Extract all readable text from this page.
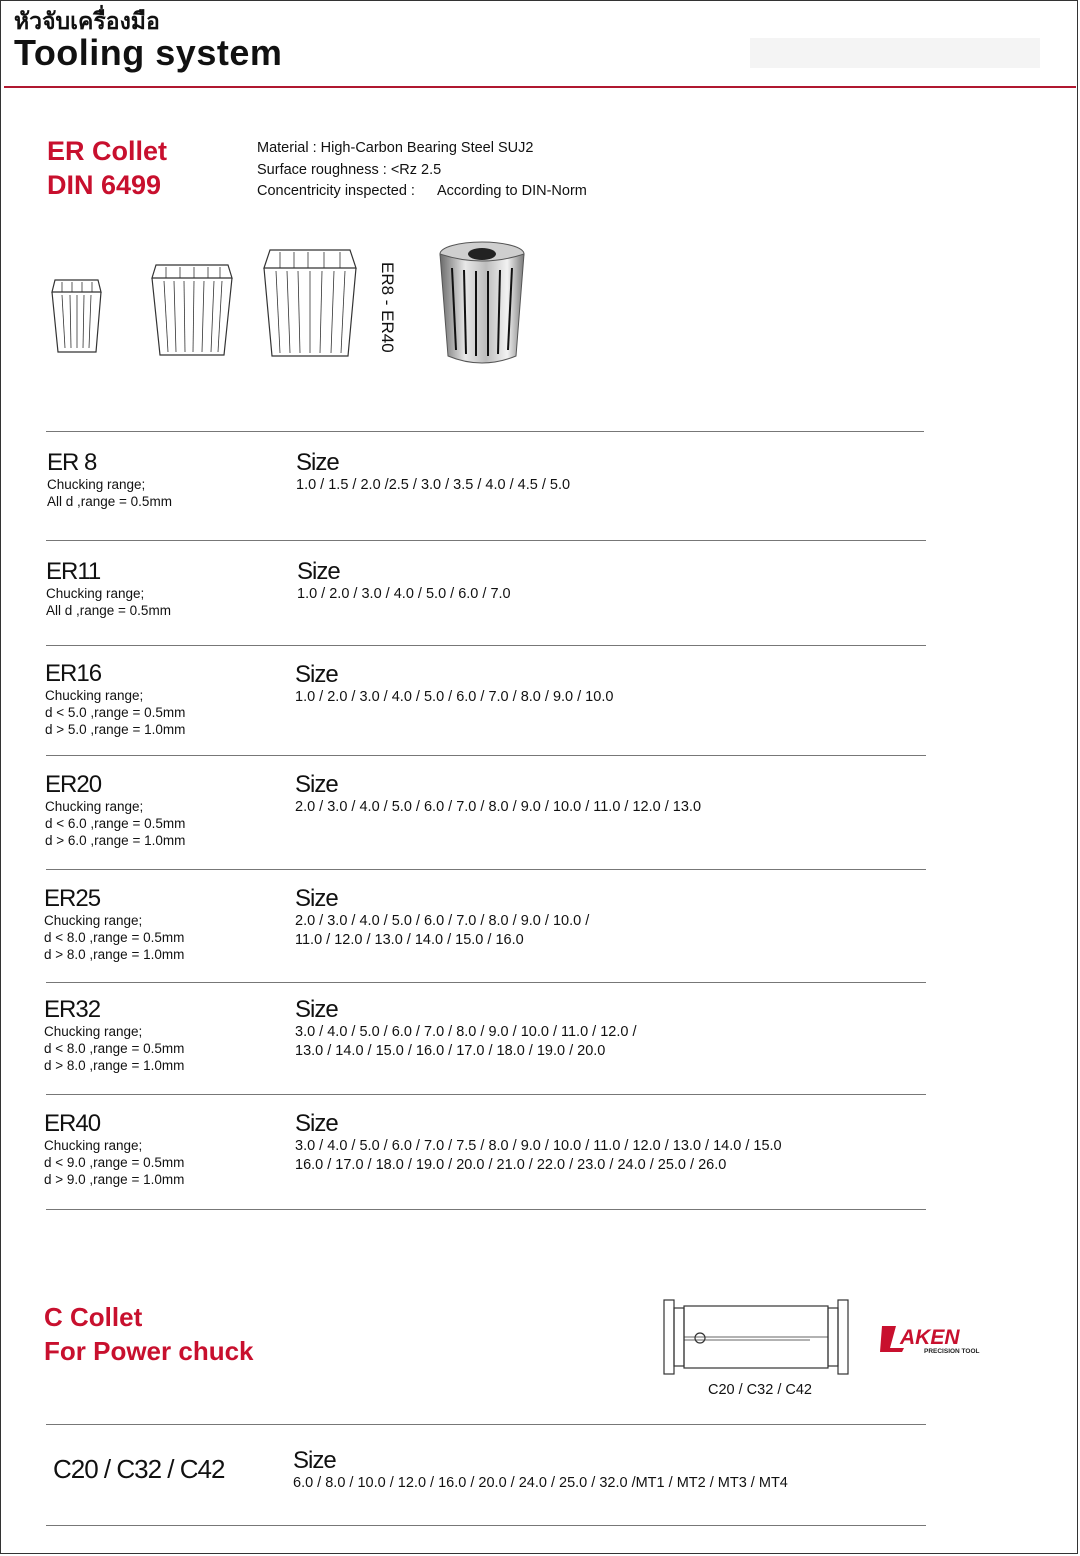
หัวจับเครื่องมือ
Tooling system
ER Collet
DIN 6499
Material : High-Carbon Bearing Steel SUJ2
Surface roughness : <Rz 2.5
Concentricity inspected : According to DIN-Norm
ER8 - ER40
ER 8
Chucking range;
All d ,range = 0.5mm
Size
1.0 / 1.5 / 2.0 /2.5 / 3.0 / 3.5 / 4.0 / 4.5 / 5.0
ER11
Chucking range;
All d ,range = 0.5mm
Size
1.0 / 2.0 / 3.0 / 4.0 / 5.0 / 6.0 / 7.0
ER16
Chucking range;
d < 5.0 ,range = 0.5mm
d > 5.0 ,range = 1.0mm
Size
1.0 / 2.0 / 3.0 / 4.0 / 5.0 / 6.0 / 7.0 / 8.0 / 9.0 / 10.0
ER20
Chucking range;
d < 6.0 ,range = 0.5mm
d > 6.0 ,range = 1.0mm
Size
2.0 / 3.0 / 4.0 / 5.0 / 6.0 / 7.0 / 8.0 / 9.0 / 10.0 / 11.0 / 12.0 / 13.0
ER25
Chucking range;
d < 8.0 ,range = 0.5mm
d > 8.0 ,range = 1.0mm
Size
2.0 / 3.0 / 4.0 / 5.0 / 6.0 / 7.0 / 8.0 / 9.0 / 10.0 /
11.0 / 12.0 / 13.0 / 14.0 / 15.0 / 16.0
ER32
Chucking range;
d < 8.0 ,range = 0.5mm
d > 8.0 ,range = 1.0mm
Size
3.0 / 4.0 / 5.0 / 6.0 / 7.0 / 8.0 / 9.0 / 10.0 / 11.0 / 12.0 /
13.0 / 14.0 / 15.0 / 16.0 / 17.0 / 18.0 / 19.0 / 20.0
ER40
Chucking range;
d < 9.0 ,range = 0.5mm
d > 9.0 ,range = 1.0mm
Size
3.0 / 4.0 / 5.0 / 6.0 / 7.0 / 7.5 / 8.0 / 9.0 / 10.0 / 11.0 / 12.0 / 13.0 / 14.0 / 15.0
16.0 / 17.0 / 18.0 / 19.0 / 20.0 / 21.0 / 22.0 / 23.0 / 24.0 / 25.0 / 26.0
C Collet
For Power chuck
C20 / C32 / C42
AKEN
PRECISION TOOL
C20 / C32 / C42	Size
6.0 / 8.0 / 10.0 / 12.0 / 16.0 / 20.0 / 24.0 / 25.0 / 32.0 /MT1 / MT2 / MT3 / MT4
